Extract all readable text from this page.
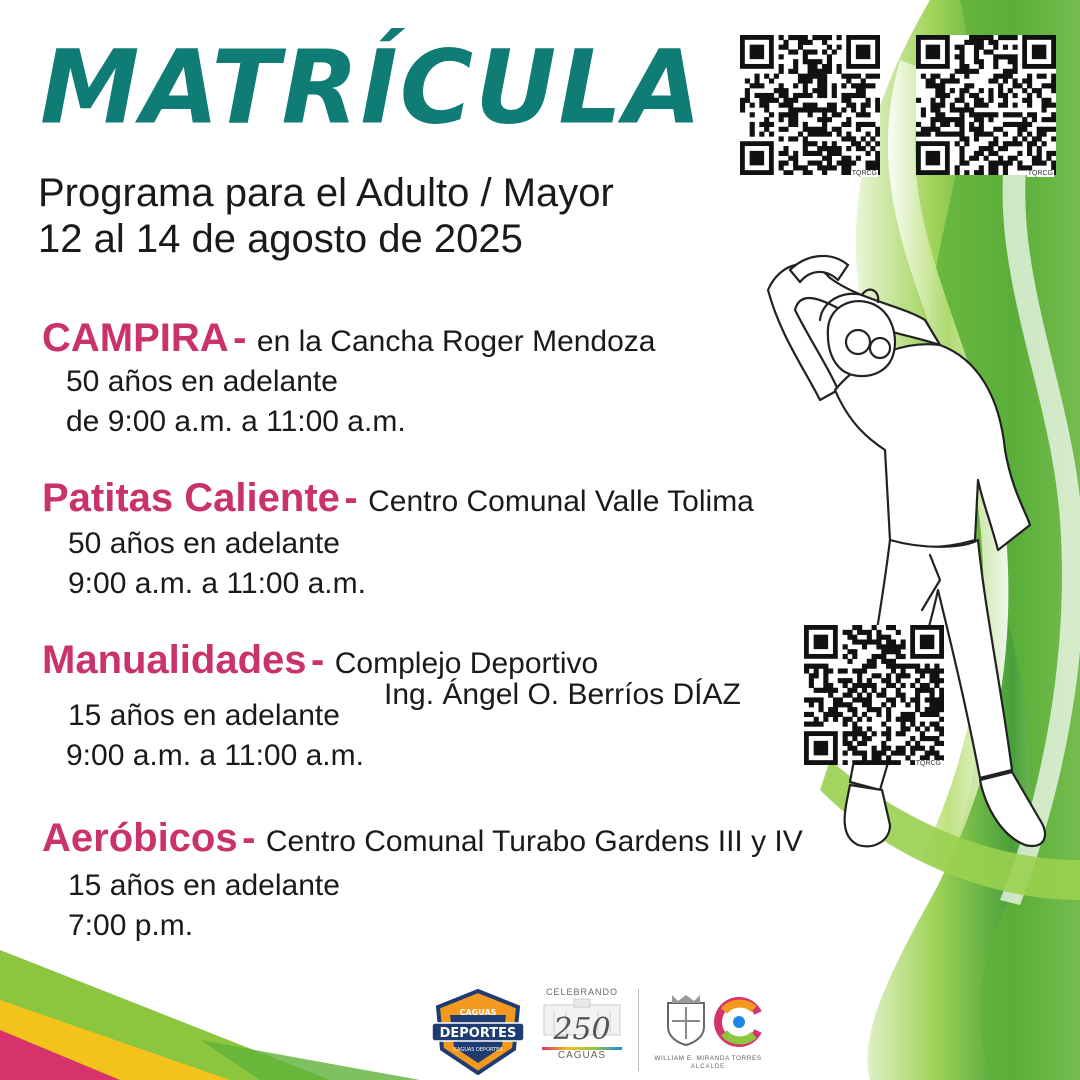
MATRÍCULA
Programa para el Adulto / Mayor
12 al 14 de agosto de 2025
CAMPIRA - en la Cancha Roger Mendoza
50 años en adelante
de 9:00 a.m. a 11:00 a.m.
Patitas Caliente - Centro Comunal Valle Tolima
50 años en adelante
9:00 a.m. a 11:00 a.m.
Manualidades - Complejo Deportivo
Ing. Ángel O. Berríos DÍAZ
15 años en adelante
9:00 a.m. a 11:00 a.m.
Aeróbicos - Centro Comunal Turabo Gardens III y IV
15 años en adelante
7:00 p.m.
TQRCG	TQRCG
TQRCG
CAGUAS
DEPORTES
CAGUAS DEPORTES
CELEBRANDO
250
CAGUAS	WILLIAM E. MIRANDA TORRES
ALCALDE
